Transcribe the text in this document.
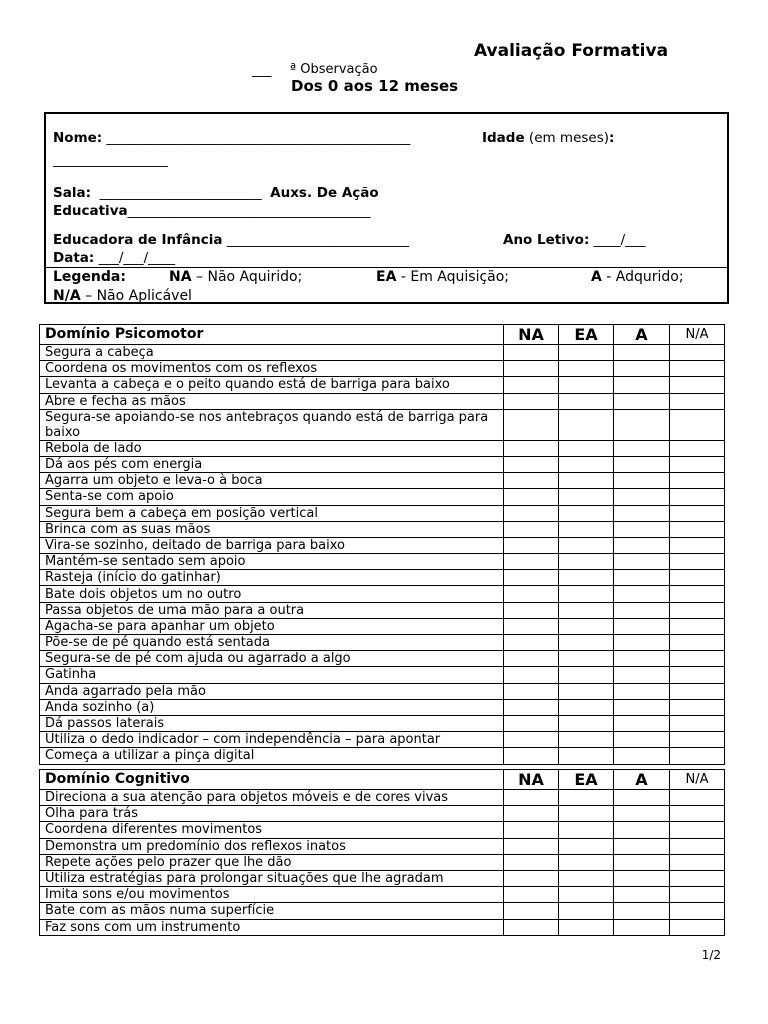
Avaliação Formativa
___ ª Observação
Dos 0 aos 12 meses
Nome: _____________________________________________	Idade (em meses):
_________________
Sala: ________________________ Auxs. De Ação
Educativa____________________________________
Educadora de Infância ___________________________	Ano Letivo: ____/___
Data: ___/___/____
Legenda:	NA – Não Aquirido;	EA - Em Aquisição;	A - Adqurido;
N/A – Não Aplicável
Domínio Psicomotor	NA	EA	A	N/A
Segura a cabeça				
Coordena os movimentos com os reflexos				
Levanta a cabeça e o peito quando está de barriga para baixo				
Abre e fecha as mãos				
Segura-se apoiando-se nos antebraços quando está de barriga para baixo				
Rebola de lado				
Dá aos pés com energia				
Agarra um objeto e leva-o à boca				
Senta-se com apoio				
Segura bem a cabeça em posição vertical				
Brinca com as suas mãos				
Vira-se sozinho, deitado de barriga para baixo				
Mantém-se sentado sem apoio				
Rasteja (início do gatinhar)				
Bate dois objetos um no outro				
Passa objetos de uma mão para a outra				
Agacha-se para apanhar um objeto				
Põe-se de pé quando está sentada				
Segura-se de pé com ajuda ou agarrado a algo				
Gatinha				
Anda agarrado pela mão				
Anda sozinho (a)				
Dá passos laterais				
Utiliza o dedo indicador – com independência – para apontar				
Começa a utilizar a pinça digital				
Domínio Cognitivo	NA	EA	A	N/A
Direciona a sua atenção para objetos móveis e de cores vivas				
Olha para trás				
Coordena diferentes movimentos				
Demonstra um predomínio dos reflexos inatos				
Repete ações pelo prazer que lhe dão				
Utiliza estratégias para prolongar situações que lhe agradam				
Imita sons e/ou movimentos				
Bate com as mãos numa superfície				
Faz sons com um instrumento				
1/2
